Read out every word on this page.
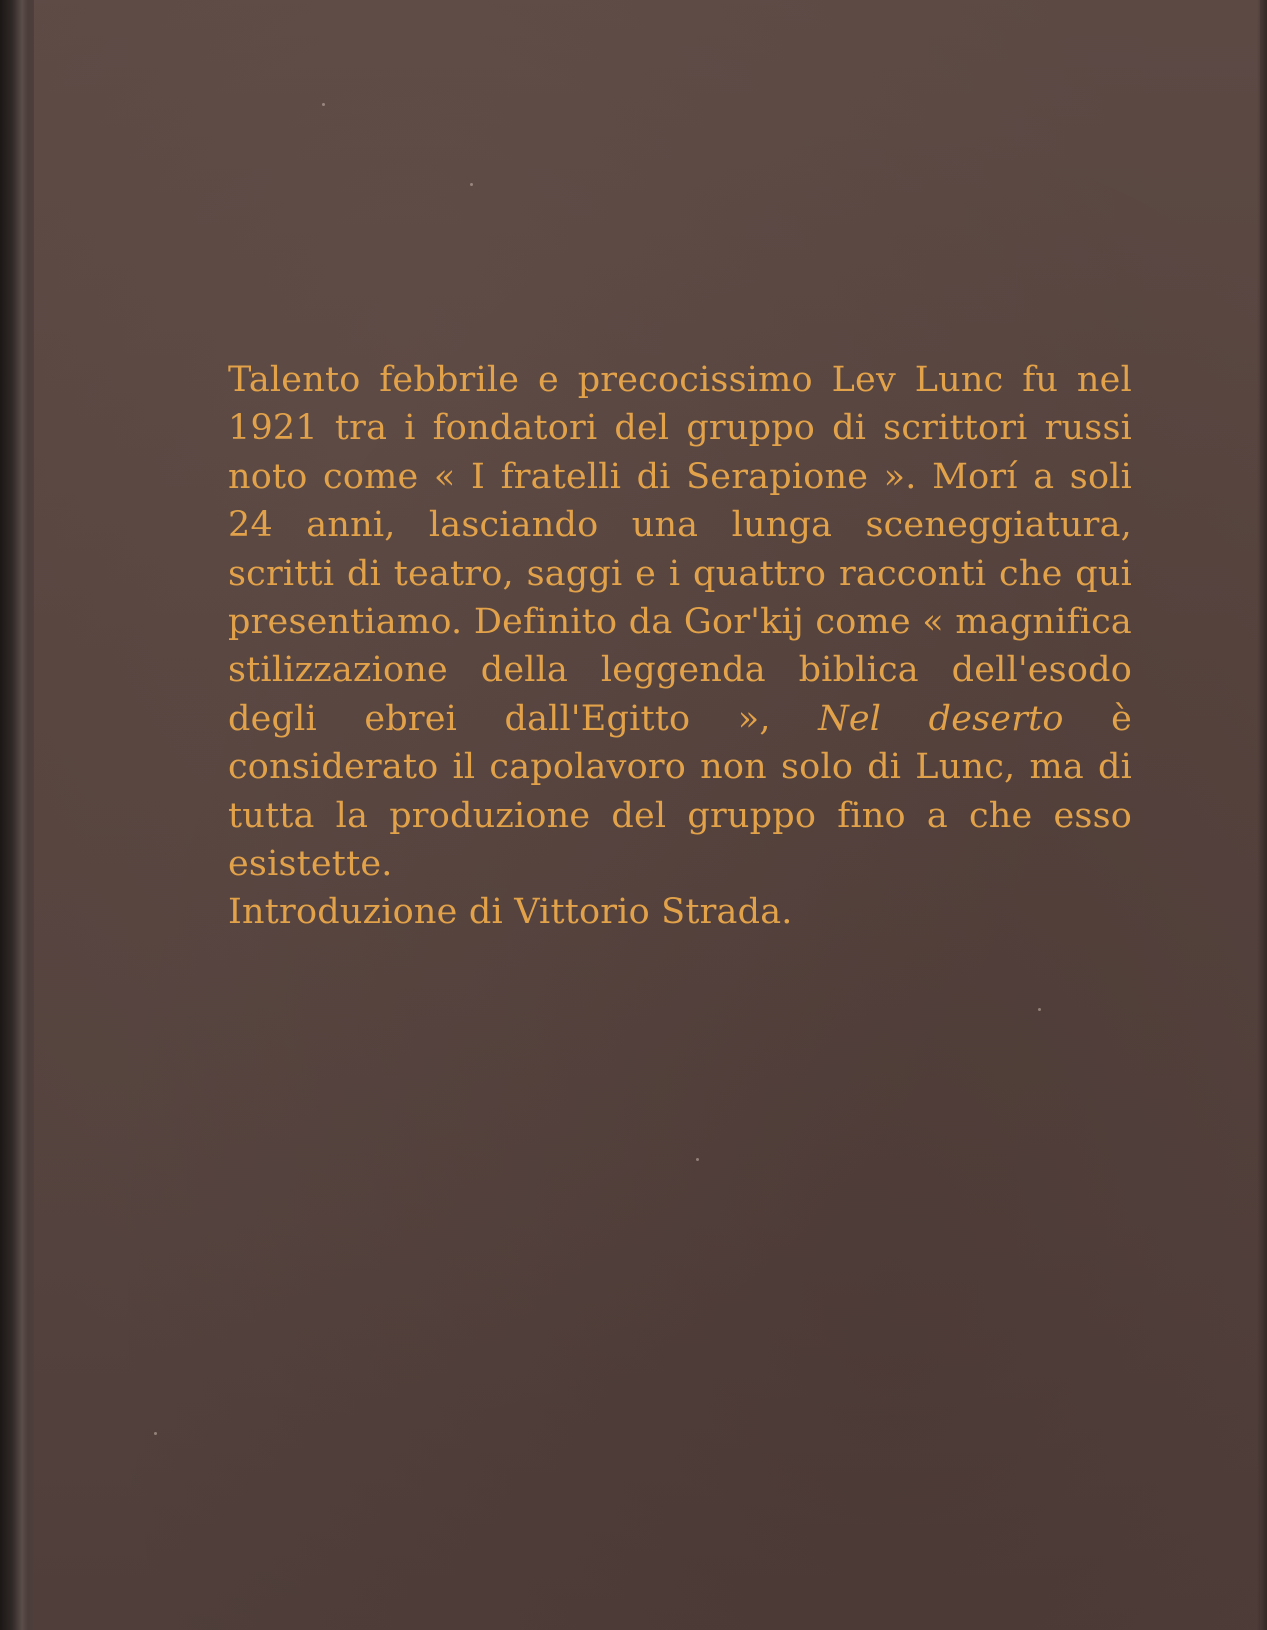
Talento febbrile e precocissimo Lev Lunc fu nel 1921 tra i fondatori del gruppo di scrittori russi noto come « I fratelli di Serapione ». Morí a soli 24 anni, lasciando una lunga sceneggiatura, scritti di teatro, saggi e i quattro racconti che qui presentiamo. Definito da Gor'kij come « magnifica stilizzazione della leggenda biblica dell'esodo degli ebrei dall'Egitto », Nel deserto è considerato il capolavoro non solo di Lunc, ma di tutta la produzione del gruppo fino a che esso esistette.

Introduzione di Vittorio Strada.
